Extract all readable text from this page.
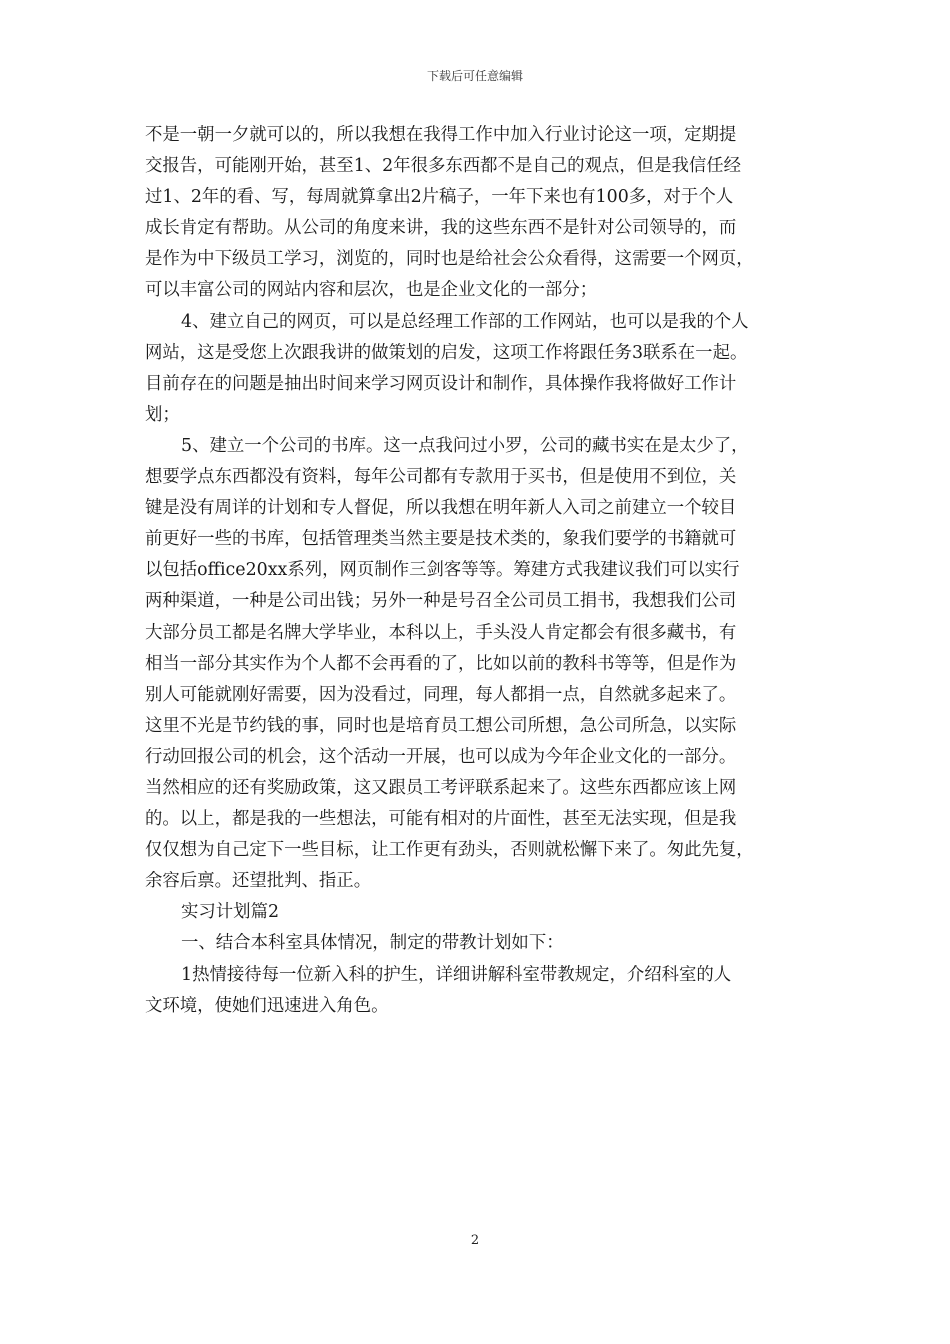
下载后可任意编辑
不是一朝一夕就可以的，所以我想在我得工作中加入行业讨论这一项，定期提
交报告，可能刚开始，甚至1、2年很多东西都不是自己的观点，但是我信任经
过1、2年的看、写，每周就算拿出2片稿子，一年下来也有100多，对于个人
成长肯定有帮助。从公司的角度来讲，我的这些东西不是针对公司领导的，而
是作为中下级员工学习，浏览的，同时也是给社会公众看得，这需要一个网页，
可以丰富公司的网站内容和层次，也是企业文化的一部分；
4、建立自己的网页，可以是总经理工作部的工作网站，也可以是我的个人
网站，这是受您上次跟我讲的做策划的启发，这项工作将跟任务3联系在一起。
目前存在的问题是抽出时间来学习网页设计和制作，具体操作我将做好工作计
划；
5、建立一个公司的书库。这一点我问过小罗，公司的藏书实在是太少了，
想要学点东西都没有资料，每年公司都有专款用于买书，但是使用不到位，关
键是没有周详的计划和专人督促，所以我想在明年新人入司之前建立一个较目
前更好一些的书库，包括管理类当然主要是技术类的，象我们要学的书籍就可
以包括office20xx系列，网页制作三剑客等等。筹建方式我建议我们可以实行
两种渠道，一种是公司出钱；另外一种是号召全公司员工捐书，我想我们公司
大部分员工都是名牌大学毕业，本科以上，手头没人肯定都会有很多藏书，有
相当一部分其实作为个人都不会再看的了，比如以前的教科书等等，但是作为
别人可能就刚好需要，因为没看过，同理，每人都捐一点，自然就多起来了。
这里不光是节约钱的事，同时也是培育员工想公司所想，急公司所急，以实际
行动回报公司的机会，这个活动一开展，也可以成为今年企业文化的一部分。
当然相应的还有奖励政策，这又跟员工考评联系起来了。这些东西都应该上网
的。以上，都是我的一些想法，可能有相对的片面性，甚至无法实现，但是我
仅仅想为自己定下一些目标，让工作更有劲头，否则就松懈下来了。匆此先复，
余容后禀。还望批判、指正。
实习计划篇2
一、结合本科室具体情况，制定的带教计划如下：
1热情接待每一位新入科的护生，详细讲解科室带教规定，介绍科室的人
文环境，使她们迅速进入角色。
2
